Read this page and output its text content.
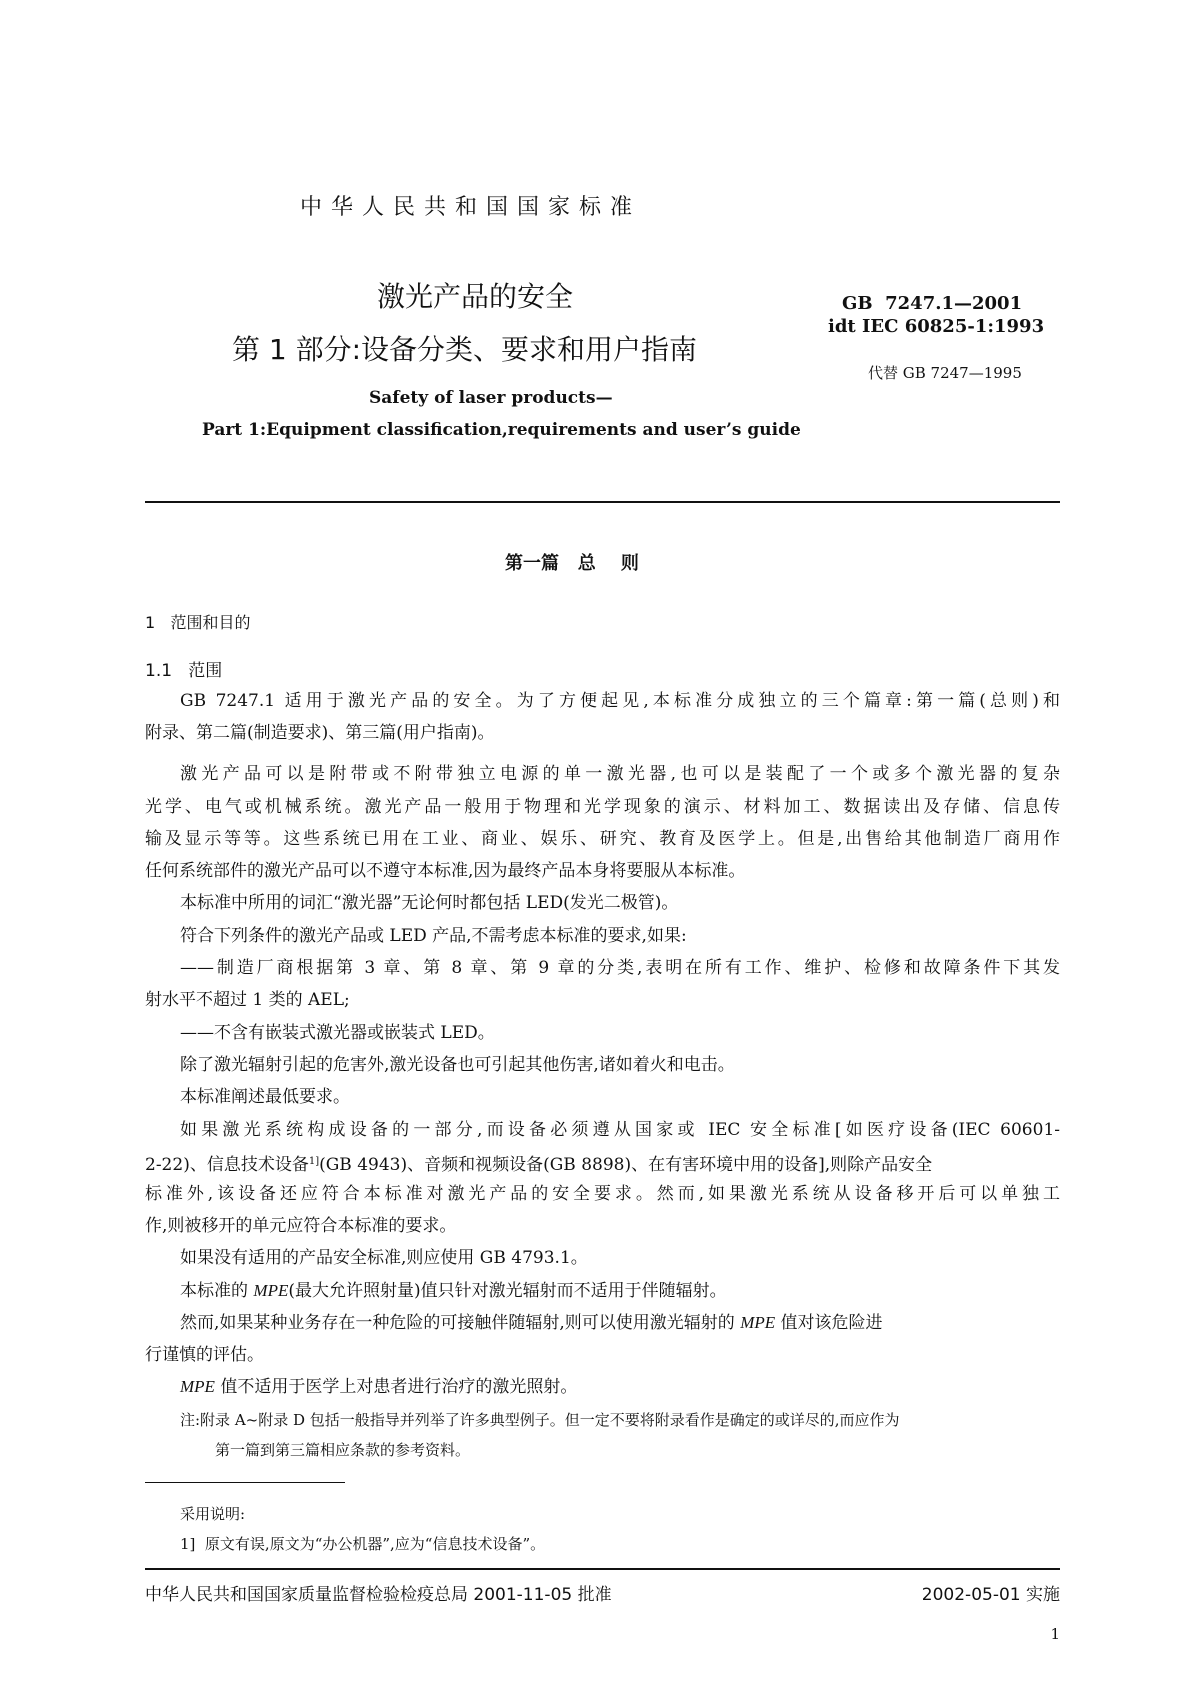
中华人民共和国国家标准
激光产品的安全
第 1 部分:设备分类、要求和用户指南
GB  7247.1—2001
idt IEC 60825-1:1993
代替 GB 7247—1995
Safety of laser products—
Part 1:Equipment classification,requirements and user’s guide
第一篇   总    则
1   范围和目的
1.1   范围
GB 7247.1 适用于激光产品的安全。为了方便起见,本标准分成独立的三个篇章:第一篇(总则)和
附录、第二篇(制造要求)、第三篇(用户指南)。
激光产品可以是附带或不附带独立电源的单一激光器,也可以是装配了一个或多个激光器的复杂
光学、电气或机械系统。激光产品一般用于物理和光学现象的演示、材料加工、数据读出及存储、信息传
输及显示等等。这些系统已用在工业、商业、娱乐、研究、教育及医学上。但是,出售给其他制造厂商用作
任何系统部件的激光产品可以不遵守本标准,因为最终产品本身将要服从本标准。
本标准中所用的词汇“激光器”无论何时都包括 LED(发光二极管)。
符合下列条件的激光产品或 LED 产品,不需考虑本标准的要求,如果:
——制造厂商根据第 3 章、第 8 章、第 9 章的分类,表明在所有工作、维护、检修和故障条件下其发
射水平不超过 1 类的 AEL;
——不含有嵌装式激光器或嵌装式 LED。
除了激光辐射引起的危害外,激光设备也可引起其他伤害,诸如着火和电击。
本标准阐述最低要求。
如果激光系统构成设备的一部分,而设备必须遵从国家或 IEC 安全标准[如医疗设备(IEC 60601-
2-22)、信息技术设备$^{1]}$(GB 4943)、音频和视频设备(GB 8898)、在有害环境中用的设备],则除产品安全
标准外,该设备还应符合本标准对激光产品的安全要求。然而,如果激光系统从设备移开后可以单独工
作,则被移开的单元应符合本标准的要求。
如果没有适用的产品安全标准,则应使用 GB 4793.1。
本标准的 MPE(最大允许照射量)值只针对激光辐射而不适用于伴随辐射。
然而,如果某种业务存在一种危险的可接触伴随辐射,则可以使用激光辐射的 MPE 值对该危险进
行谨慎的评估。
MPE 值不适用于医学上对患者进行治疗的激光照射。
注:附录 A~附录 D 包括一般指导并列举了许多典型例子。但一定不要将附录看作是确定的或详尽的,而应作为
第一篇到第三篇相应条款的参考资料。
采用说明:
1]  原文有误,原文为“办公机器”,应为“信息技术设备”。
中华人民共和国国家质量监督检验检疫总局 2001-11-05 批准	2002-05-01 实施
1
